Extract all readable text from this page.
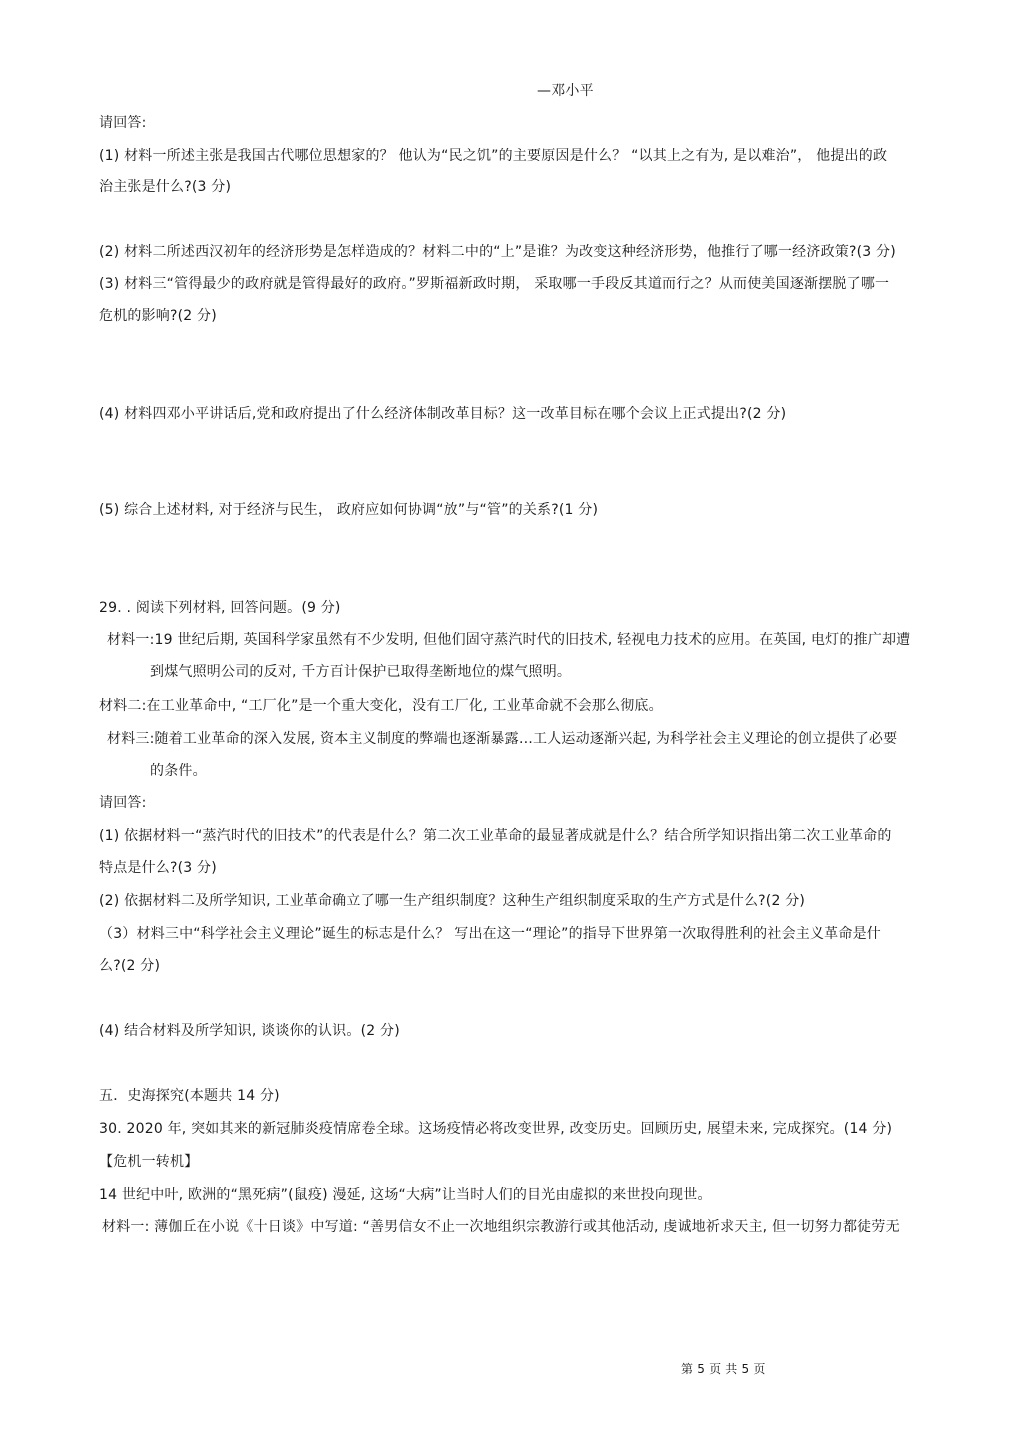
—邓小平
请回答:
(1) 材料一所述主张是我国古代哪位思想家的？ 他认为“民之饥”的主要原因是什么？ “以其上之有为, 是以难治”， 他提出的政
治主张是什么?(3 分)
(2) 材料二所述西汉初年的经济形势是怎样造成的？材料二中的“上”是谁？为改变这种经济形势，他推行了哪一经济政策?(3 分)
(3) 材料三“管得最少的政府就是管得最好的政府。”罗斯福新政时期， 采取哪一手段反其道而行之？从而使美国逐渐摆脱了哪一
危机的影响?(2 分)
(4) 材料四邓小平讲话后,党和政府提出了什么经济体制改革目标？这一改革目标在哪个会议上正式提出?(2 分)
(5) 综合上述材料, 对于经济与民生， 政府应如何协调“放”与“管”的关系?(1 分)
29. . 阅读下列材料, 回答问题。(9 分)
材料一:19 世纪后期, 英国科学家虽然有不少发明, 但他们固守蒸汽时代的旧技术, 轻视电力技术的应用。在英国, 电灯的推广却遭
到煤气照明公司的反对, 千方百计保护已取得垄断地位的煤气照明。
材料二:在工业革命中, “工厂化”是一个重大变化，没有工厂化, 工业革命就不会那么彻底。
材料三:随着工业革命的深入发展, 资本主义制度的弊端也逐渐暴露…工人运动逐渐兴起, 为科学社会主义理论的创立提供了必要
的条件。
请回答:
(1) 依据材料一“蒸汽时代的旧技术”的代表是什么？第二次工业革命的最显著成就是什么？结合所学知识指出第二次工业革命的
特点是什么?(3 分)
(2) 依据材料二及所学知识, 工业革命确立了哪一生产组织制度？这种生产组织制度采取的生产方式是什么?(2 分)
（3）材料三中“科学社会主义理论”诞生的标志是什么？ 写出在这一“理论”的指导下世界第一次取得胜利的社会主义革命是什
么?(2 分)
(4) 结合材料及所学知识, 谈谈你的认识。(2 分)
五．史海探究(本题共 14 分)
30. 2020 年, 突如其来的新冠肺炎疫情席卷全球。这场疫情必将改变世界, 改变历史。回顾历史, 展望未来, 完成探究。(14 分)
【危机一转机】
14 世纪中叶, 欧洲的“黑死病”(鼠疫) 漫延, 这场“大病”让当时人们的目光由虚拟的来世投向现世。
材料一: 薄伽丘在小说《十日谈》中写道: “善男信女不止一次地组织宗教游行或其他活动, 虔诚地祈求天主, 但一切努力都徒劳无
第 5 页 共 5 页
